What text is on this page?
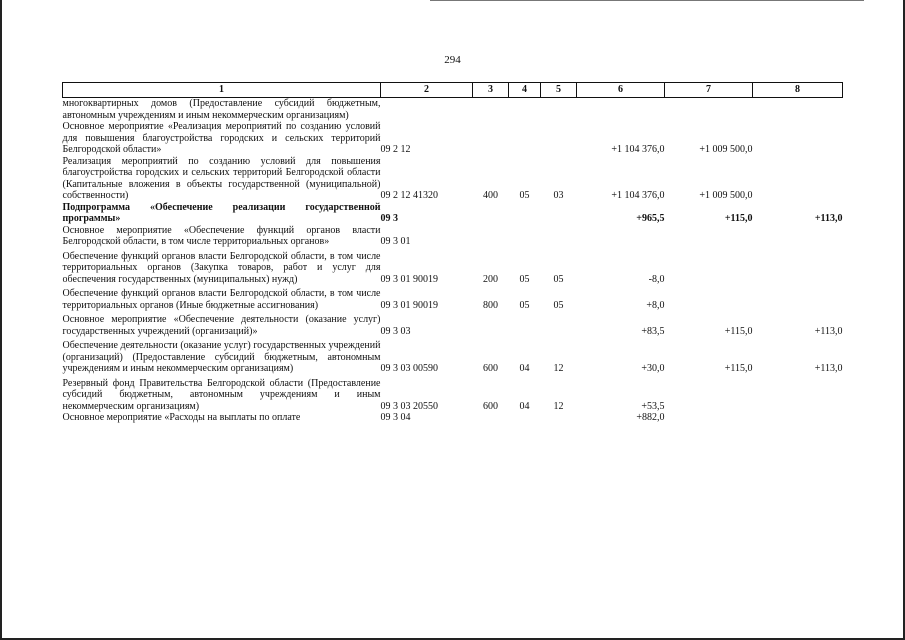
294
1	2	3	4	5	6	7	8
многоквартирных домов (Предоставление субсидий бюджетным, автономным учреждениям и иным некоммерческим организациям)							
Основное мероприятие «Реализация мероприятий по созданию условий для повышения благоустройства городских и сельских территорий Белгородской области»	09 2 12				+1 104 376,0	+1 009 500,0	
Реализация мероприятий по созданию условий для повышения благоустройства городских и сельских территорий Белгородской области (Капитальные вложения в объекты государственной (муниципальной) собственности)	09 2 12 41320	400	05	03	+1 104 376,0	+1 009 500,0	
Подпрограмма «Обеспечение реализации государственной программы»	09 3				+965,5	+115,0	+113,0
Основное мероприятие «Обеспечение функций органов власти Белгородской области, в том числе территориальных органов»	09 3 01						
Обеспечение функций органов власти Белгородской области, в том числе территориальных органов (Закупка товаров, работ и услуг для обеспечения государственных (муниципальных) нужд)	09 3 01 90019	200	05	05	-8,0		
Обеспечение функций органов власти Белгородской области, в том числе территориальных органов (Иные бюджетные ассигнования)	09 3 01 90019	800	05	05	+8,0		
Основное мероприятие «Обеспечение деятельности (оказание услуг) государственных учреждений (организаций)»	09 3 03				+83,5	+115,0	+113,0
Обеспечение деятельности (оказание услуг) государственных учреждений (организаций) (Предоставление субсидий бюджетным, автономным учреждениям и иным некоммерческим организациям)	09 3 03 00590	600	04	12	+30,0	+115,0	+113,0
Резервный фонд Правительства Белгородской области (Предоставление субсидий бюджетным, автономным учреждениям и иным некоммерческим организациям)	09 3 03 20550	600	04	12	+53,5		
Основное мероприятие «Расходы на выплаты по оплате	09 3 04				+882,0		
